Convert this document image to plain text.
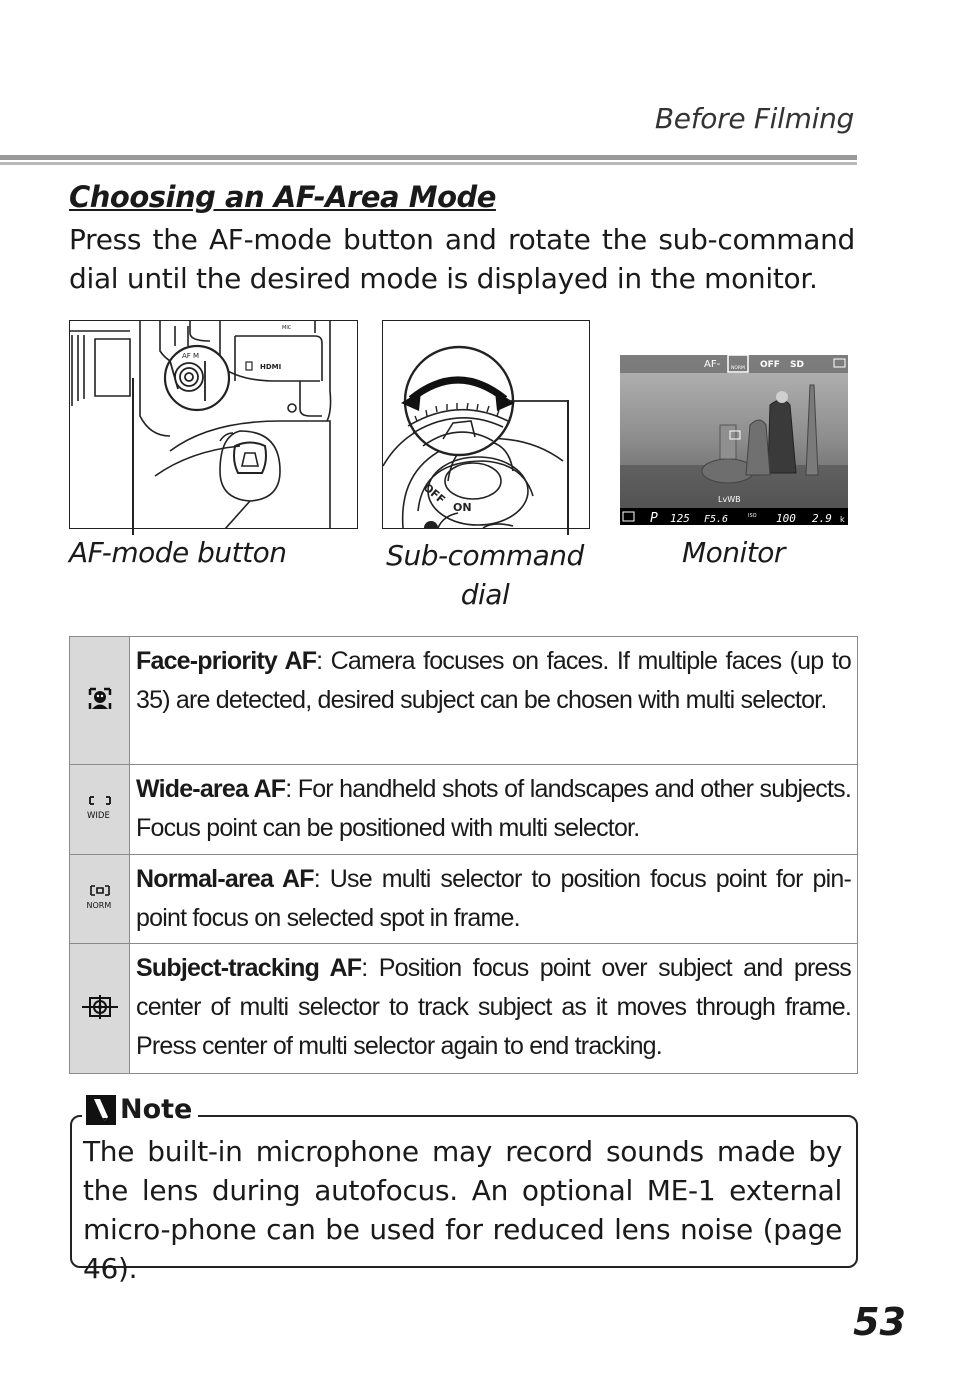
Before Filming
Choosing an AF-Area Mode
Press the AF-mode button and rotate the sub-command dial until the desired mode is displayed in the monitor.
AF M
HDMI
MIC
OFF
ON
AF- NORM OFF SD
LvWB
P 125 F5.6	ISO 100 2.9 k
AF-mode button	Sub-command
dial
Monitor
	Face-priority AF: Camera focuses on faces. If multiple faces (up to 35) are detected, desired subject can be chosen with multi selector.

WIDE	Wide-area AF: For handheld shots of landscapes and other subjects. Focus point can be positioned with multi selector.

NORM	Normal-area AF: Use multi selector to position focus point for pin-point focus on selected spot in frame.
	Subject-tracking AF: Position focus point over subject and press center of multi selector to track subject as it moves through frame. Press center of multi selector again to end tracking.
Note
The built-in microphone may record sounds made by the lens during autofocus. An optional ME-1 external micro-phone can be used for reduced lens noise (page 46).
53
